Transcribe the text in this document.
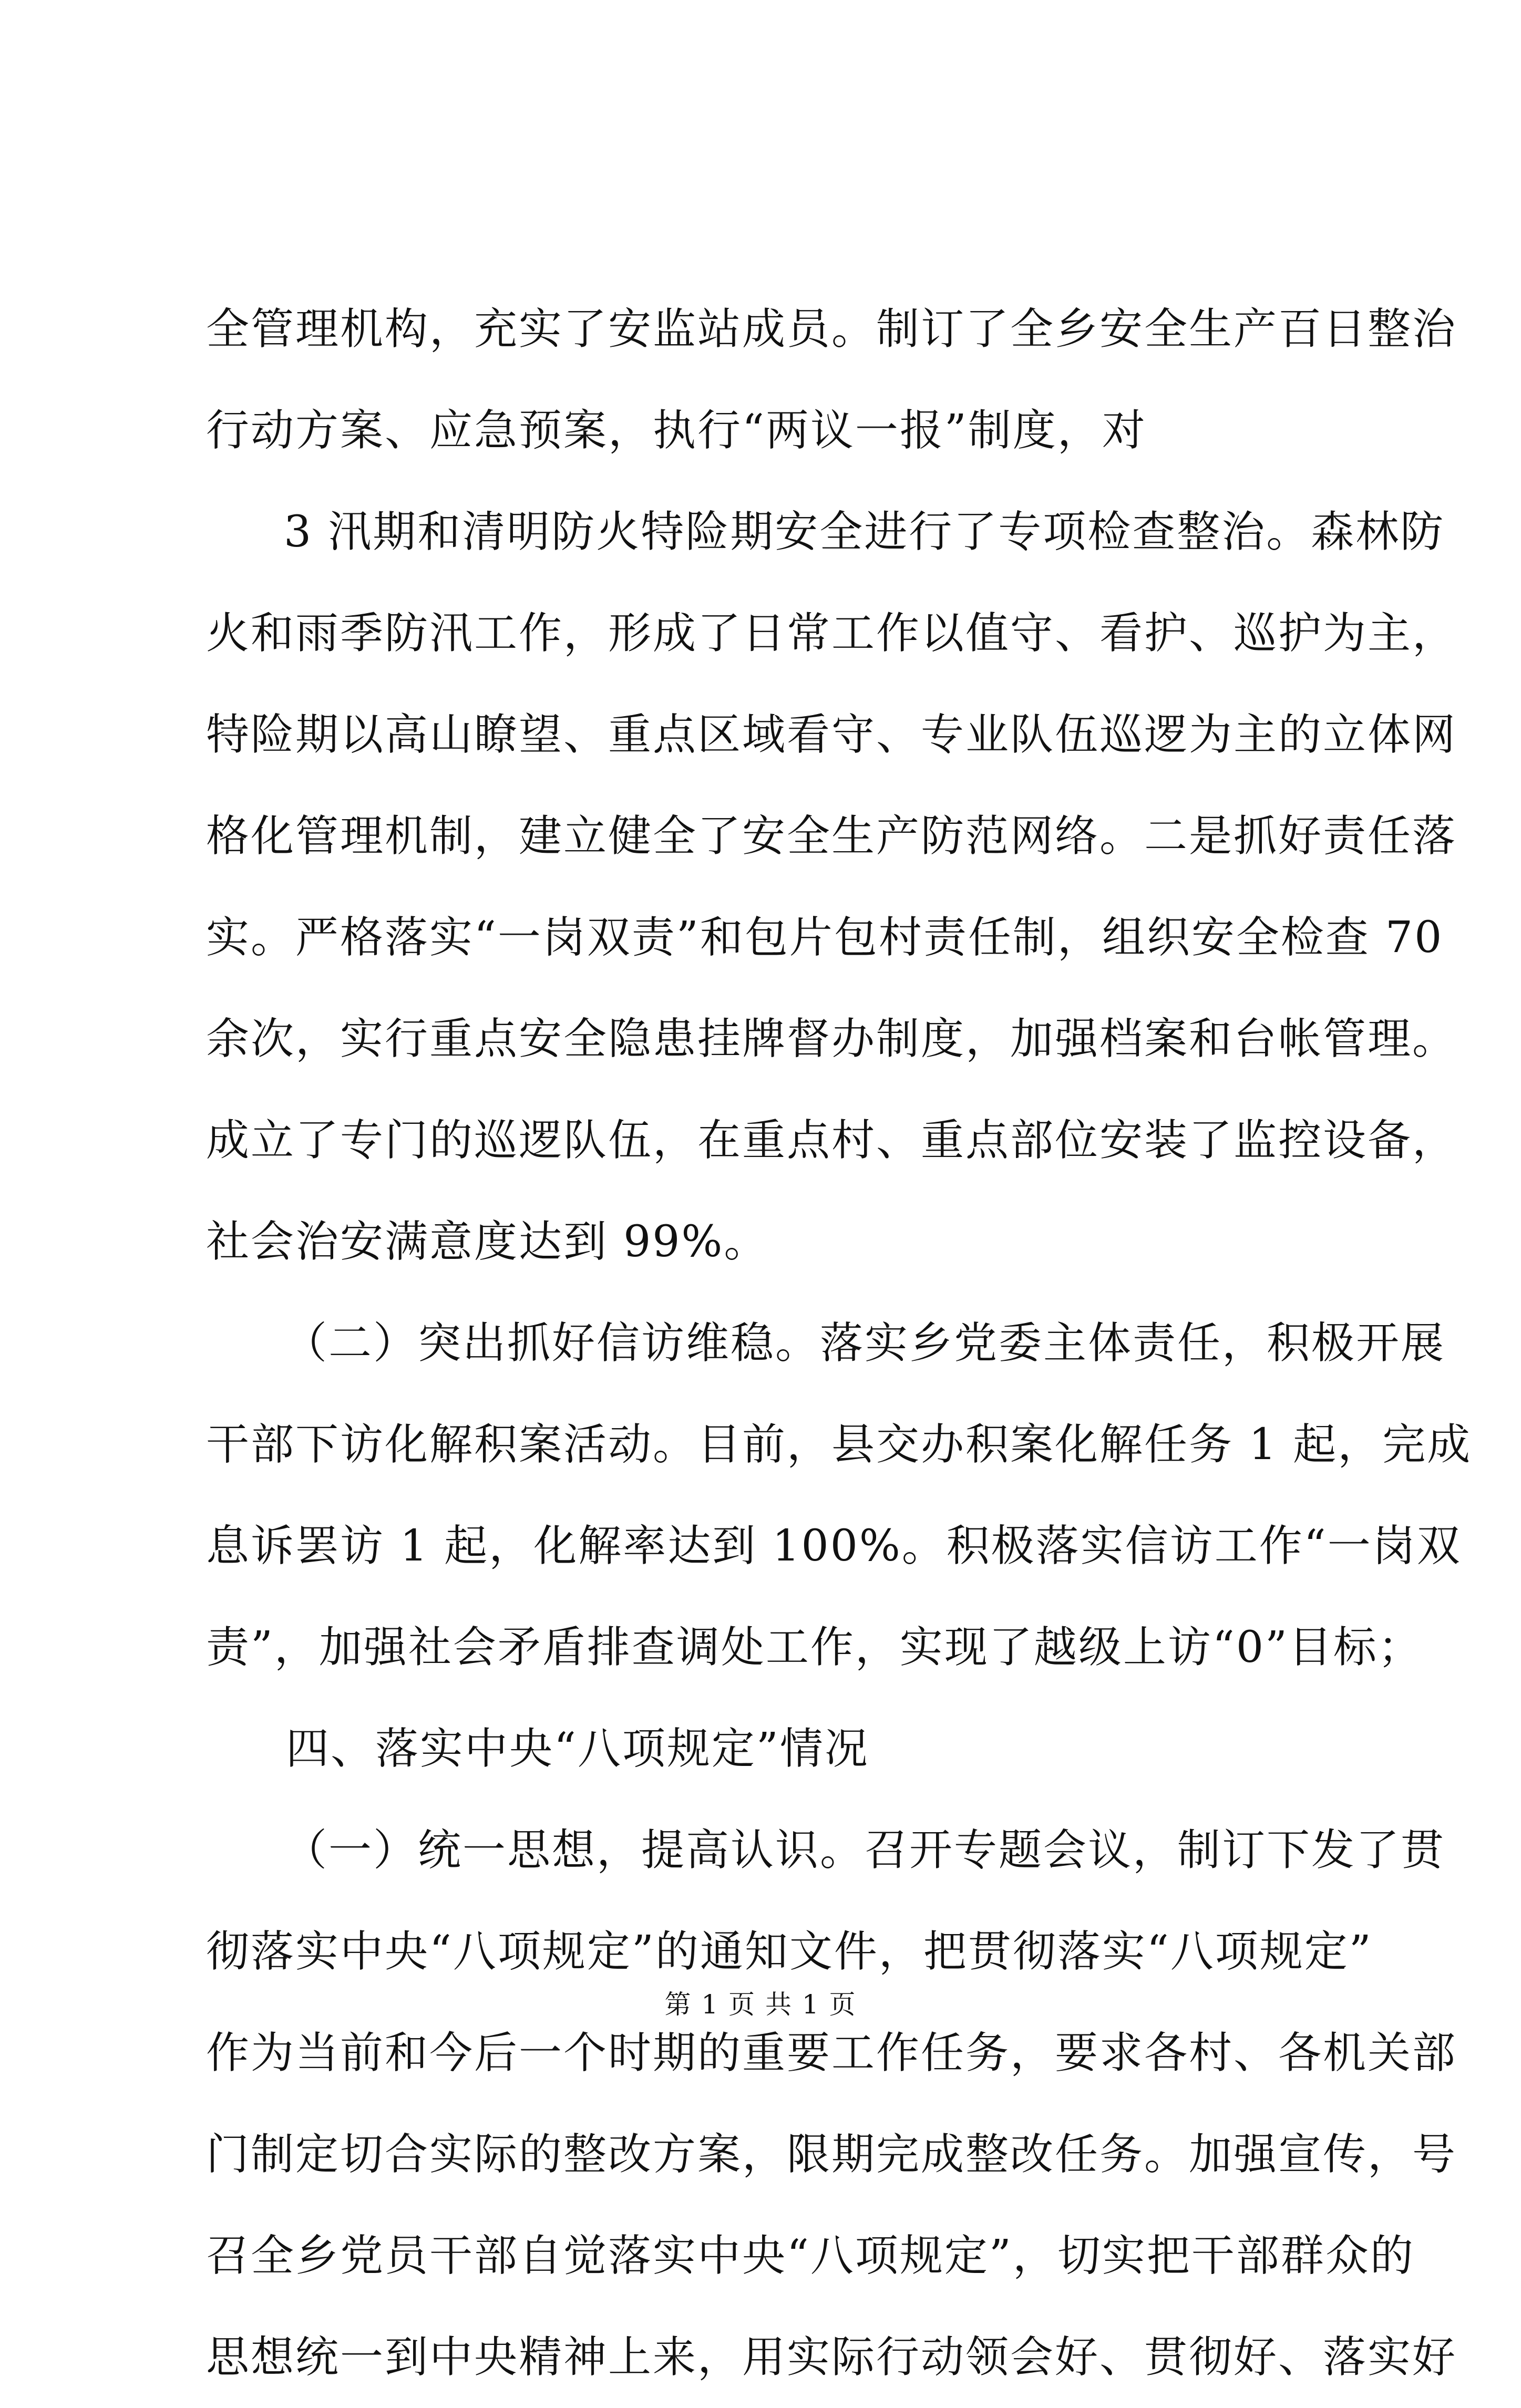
全管理机构，充实了安监站成员。制订了全乡安全生产百日整治
行动方案、应急预案，执行“两议一报”制度，对
3 汛期和清明防火特险期安全进行了专项检查整治。森林防
火和雨季防汛工作，形成了日常工作以值守、看护、巡护为主，
特险期以高山瞭望、重点区域看守、专业队伍巡逻为主的立体网
格化管理机制，建立健全了安全生产防范网络。二是抓好责任落
实。严格落实“一岗双责”和包片包村责任制，组织安全检查 70
余次，实行重点安全隐患挂牌督办制度，加强档案和台帐管理。
成立了专门的巡逻队伍，在重点村、重点部位安装了监控设备，
社会治安满意度达到 99%。
（二）突出抓好信访维稳。落实乡党委主体责任，积极开展
干部下访化解积案活动。目前，县交办积案化解任务 1 起，完成
息诉罢访 1 起，化解率达到 100%。积极落实信访工作“一岗双
责”，加强社会矛盾排查调处工作，实现了越级上访“0”目标；
四、落实中央“八项规定”情况
（一）统一思想，提高认识。召开专题会议，制订下发了贯
彻落实中央“八项规定”的通知文件，把贯彻落实“八项规定”
作为当前和今后一个时期的重要工作任务，要求各村、各机关部
门制定切合实际的整改方案，限期完成整改任务。加强宣传，号
召全乡党员干部自觉落实中央“八项规定”，切实把干部群众的
思想统一到中央精神上来，用实际行动领会好、贯彻好、落实好
第 1 页 共 1 页
